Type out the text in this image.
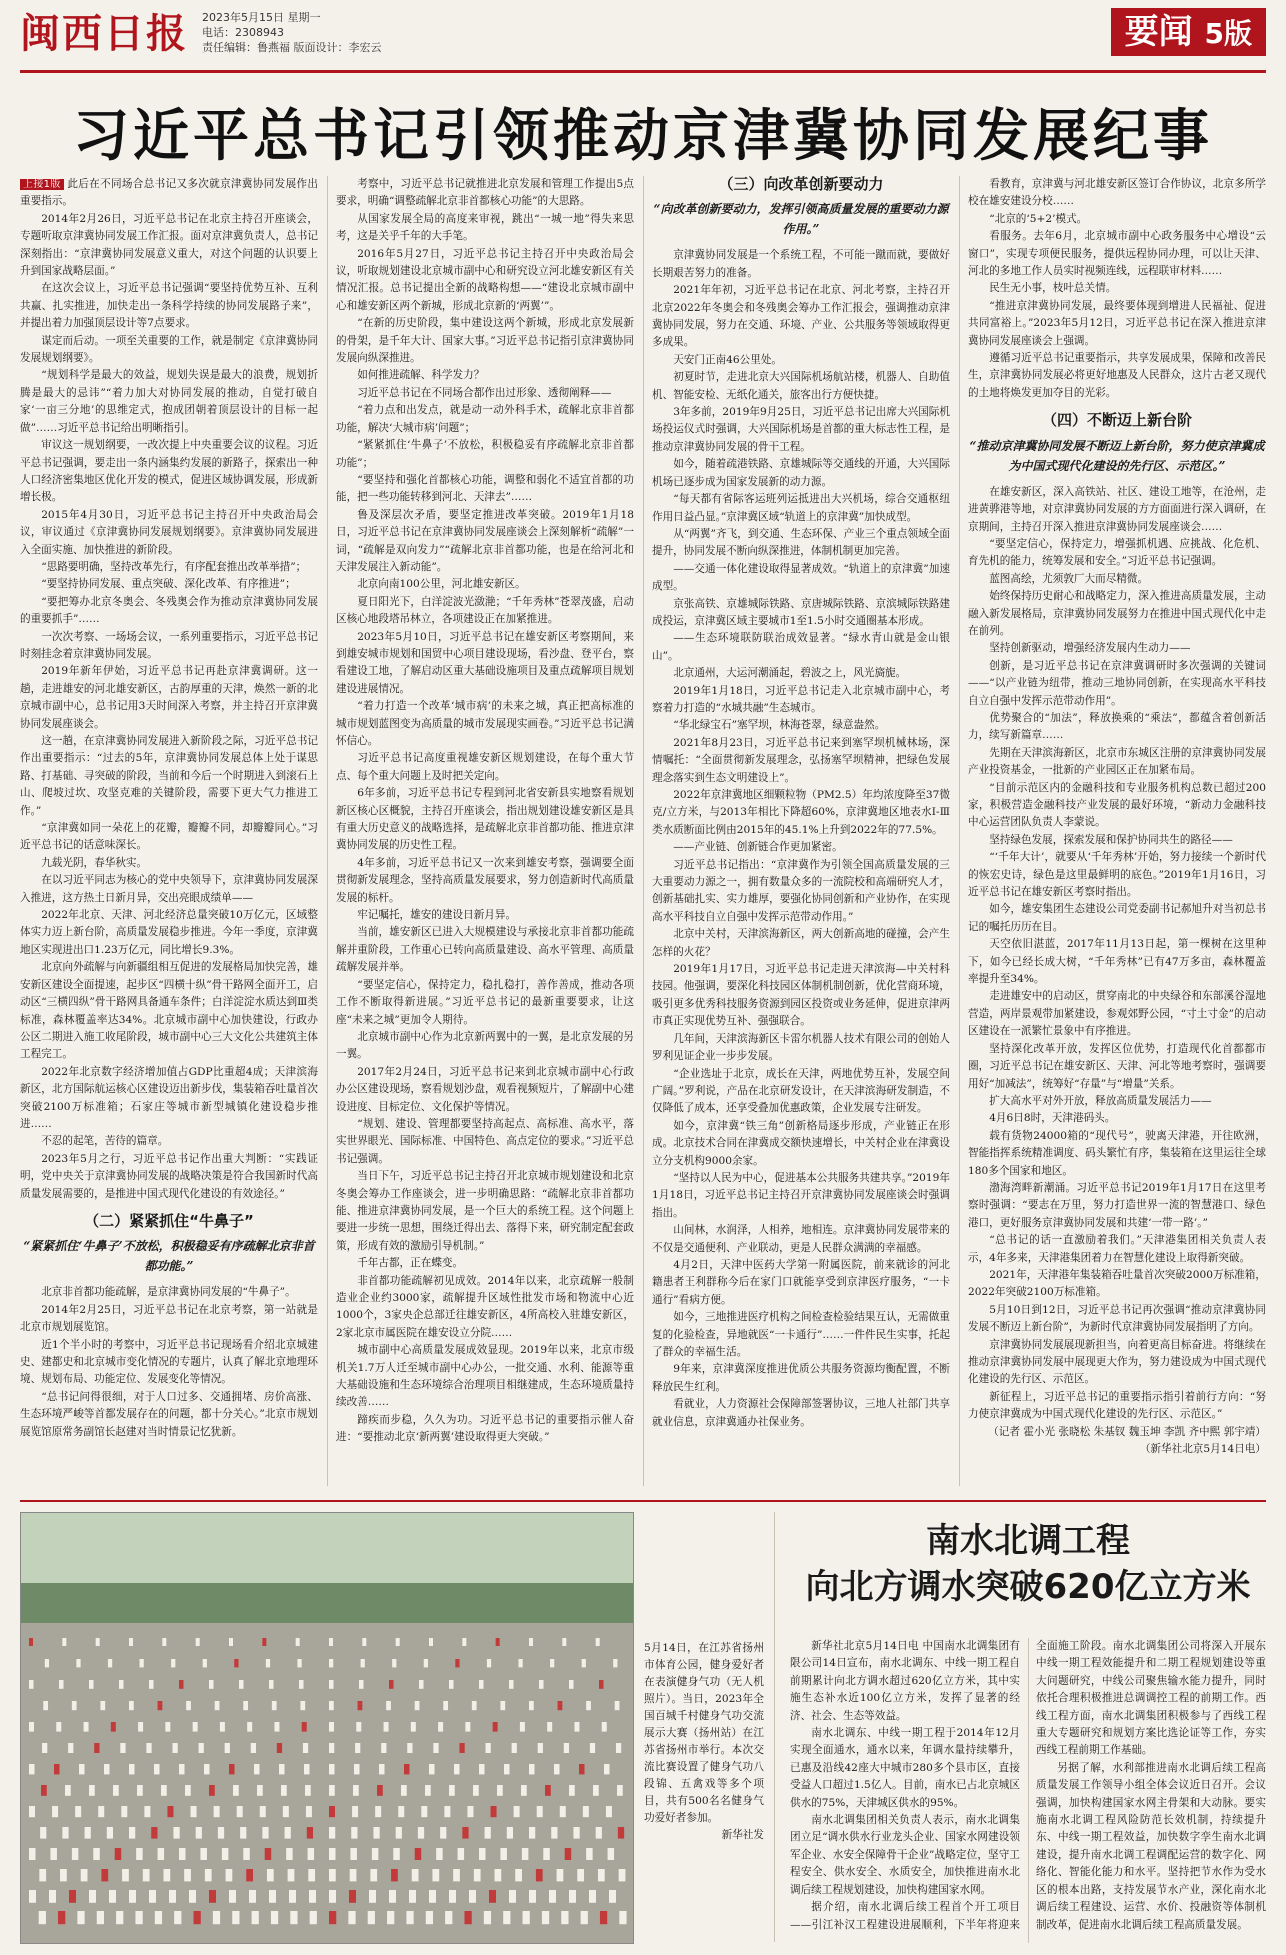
闽西日报 2023年5月15日 星期一
电话：2308943
责任编辑：鲁燕福 版面设计：李宏云	要闻 5版
习近平总书记引领推动京津冀协同发展纪事

上接1版 此后在不同场合总书记又多次就京津冀协同发展作出重要指示。

2014年2月26日，习近平总书记在北京主持召开座谈会，专题听取京津冀协同发展工作汇报。面对京津冀负责人，总书记深刻指出：“京津冀协同发展意义重大，对这个问题的认识要上升到国家战略层面。”

在这次会议上，习近平总书记强调“要坚持优势互补、互利共赢、扎实推进，加快走出一条科学持续的协同发展路子来”，并提出着力加强顶层设计等7点要求。

谋定而后动。一项至关重要的工作，就是制定《京津冀协同发展规划纲要》。

“规划科学是最大的效益，规划失误是最大的浪费，规划折腾是最大的忌讳”“着力加大对协同发展的推动，自觉打破自家‘一亩三分地’的思维定式，抱成团朝着顶层设计的目标一起做”……习近平总书记给出明晰指引。

审议这一规划纲要，一改次提上中央重要会议的议程。习近平总书记强调，要走出一条内涵集约发展的新路子，探索出一种人口经济密集地区优化开发的模式，促进区域协调发展，形成新增长极。

2015年4月30日，习近平总书记主持召开中央政治局会议，审议通过《京津冀协同发展规划纲要》。京津冀协同发展进入全面实施、加快推进的新阶段。

“思路要明确，坚持改革先行，有序配套推出改革举措”；

“要坚持协同发展、重点突破、深化改革、有序推进”；

“要把筹办北京冬奥会、冬残奥会作为推动京津冀协同发展的重要抓手”……

一次次考察、一场场会议，一系列重要指示，习近平总书记时刻挂念着京津冀协同发展。

2019年新年伊始，习近平总书记再赴京津冀调研。这一趟，走进雄安的河北雄安新区，古韵厚重的天津，焕然一新的北京城市副中心，总书记用3天时间深入考察，并主持召开京津冀协同发展座谈会。

这一趟，在京津冀协同发展进入新阶段之际，习近平总书记作出重要指示：“过去的5年，京津冀协同发展总体上处于谋思路、打基础、寻突破的阶段，当前和今后一个时期进入到滚石上山、爬坡过坎、攻坚克难的关键阶段，需要下更大气力推进工作。”

“京津冀如同一朵花上的花瓣，瓣瓣不同，却瓣瓣同心。”习近平总书记的话意味深长。

九载光阴，春华秋实。

在以习近平同志为核心的党中央领导下，京津冀协同发展深入推进，这方热土日新月异，交出亮眼成绩单——

2022年北京、天津、河北经济总量突破10万亿元，区域整体实力迈上新台阶，高质量发展稳步推进。今年一季度，京津冀地区实现进出口1.23万亿元，同比增长9.3%。

北京向外疏解与向新疆组相互促进的发展格局加快完善，雄安新区建设全面提速，起步区“四横十纵”骨干路网全面开工，启动区“三横四纵”骨干路网具备通车条件；白洋淀淀水质达到Ⅲ类标准，森林覆盖率达34%。北京城市副中心加快建设，行政办公区二期进入施工收尾阶段，城市副中心三大文化公共建筑主体工程完工。

2022年北京数字经济增加值占GDP比重超4成；天津滨海新区，北方国际航运核心区建设迈出新步伐，集装箱吞吐量首次突破2100万标准箱；石家庄等城市新型城镇化建设稳步推进……

不忍的起笔，苦待的篇章。

2023年5月之行，习近平总书记作出重大判断：“实践证明，党中央关于京津冀协同发展的战略决策是符合我国新时代高质量发展需要的，是推进中国式现代化建设的有效途径。”

（二）紧紧抓住“牛鼻子”

“紧紧抓住‘牛鼻子’不放松，积极稳妥有序疏解北京非首都功能。”

北京非首都功能疏解，是京津冀协同发展的“牛鼻子”。

2014年2月25日，习近平总书记在北京考察，第一站就是北京市规划展览馆。

近1个半小时的考察中，习近平总书记现场看介绍北京城建史、建都史和北京城市变化情况的专题片，认真了解北京地理环境、规划布局、功能定位、发展变化等情况。

“总书记问得很细，对于人口过多、交通拥堵、房价高涨、生态环境严峻等首都发展存在的问题，都十分关心。”北京市规划展览馆原常务副馆长赵建对当时情景记忆犹新。

考察中，习近平总书记就推进北京发展和管理工作提出5点要求，明确“调整疏解北京非首都核心功能”的大思路。

从国家发展全局的高度来审视，跳出“一城一地”得失来思考，这是关乎千年的大手笔。

2016年5月27日，习近平总书记主持召开中央政治局会议，听取规划建设北京城市副中心和研究设立河北雄安新区有关情况汇报。总书记提出全新的战略构想——“建设北京城市副中心和雄安新区两个新城，形成北京新的‘两翼’”。

“在新的历史阶段，集中建设这两个新城，形成北京发展新的骨架，是千年大计、国家大事。”习近平总书记指引京津冀协同发展向纵深推进。

如何推进疏解、科学发力？

习近平总书记在不同场合都作出过形象、透彻阐释——

“着力点和出发点，就是动一动外科手术，疏解北京非首都功能，解决‘大城市病’问题”；

“紧紧抓住‘牛鼻子’不放松，积极稳妥有序疏解北京非首都功能”；

“要坚持和强化首都核心功能，调整和弱化不适宜首都的功能，把一些功能转移到河北、天津去”……

鲁及深层次矛盾，要坚定推进改革突破。2019年1月18日，习近平总书记在京津冀协同发展座谈会上深刻解析“疏解”一词，“疏解是双向发力”“疏解北京非首都功能，也是在给河北和天津发展注入新动能”。

北京向南100公里，河北雄安新区。

夏日阳光下，白洋淀波光潋滟；“千年秀林”苍翠茂盛，启动区核心地段塔吊林立，各项建设正在加紧推进。

2023年5月10日，习近平总书记在雄安新区考察期间，来到雄安城市规划和国贸中心项目建设现场，看沙盘、登平台，察看建设工地，了解启动区重大基础设施项目及重点疏解项目规划建设进展情况。

“着力打造一个改革‘城市病’的未来之城，真正把高标准的城市规划蓝图变为高质量的城市发展现实画卷。”习近平总书记满怀信心。

习近平总书记高度重视雄安新区规划建设，在每个重大节点、每个重大问题上及时把关定向。

6年多前，习近平总书记专程到河北省安新县实地察看规划新区核心区概貌，主持召开座谈会，指出规划建设雄安新区是具有重大历史意义的战略选择，是疏解北京非首都功能、推进京津冀协同发展的历史性工程。

4年多前，习近平总书记又一次来到雄安考察，强调要全面贯彻新发展理念，坚持高质量发展要求，努力创造新时代高质量发展的标杆。

牢记嘱托，雄安的建设日新月异。

当前，雄安新区已进入大规模建设与承接北京非首都功能疏解并重阶段，工作重心已转向高质量建设、高水平管理、高质量疏解发展并举。

“要坚定信心，保持定力，稳扎稳打，善作善成，推动各项工作不断取得新进展。”习近平总书记的最新重要要求，让这座“未来之城”更加令人期待。

北京城市副中心作为北京新两翼中的一翼，是北京发展的另一翼。

2017年2月24日，习近平总书记来到北京城市副中心行政办公区建设现场，察看规划沙盘，观看视频短片，了解副中心建设进度、目标定位、文化保护等情况。

“规划、建设、管理都要坚持高起点、高标准、高水平，落实世界眼光、国际标准、中国特色、高点定位的要求。”习近平总书记强调。

当日下午，习近平总书记主持召开北京城市规划建设和北京冬奥会筹办工作座谈会，进一步明确思路：“疏解北京非首都功能、推进京津冀协同发展，是一个巨大的系统工程。这个问题上要进一步统一思想，围绕迁得出去、落得下来，研究制定配套政策，形成有效的激励引导机制。”

千年古都，正在蝶变。

非首都功能疏解初见成效。2014年以来，北京疏解一般制造业企业约3000家，疏解提升区域性批发市场和物流中心近1000个，3家央企总部迁往雄安新区，4所高校入驻雄安新区，2家北京市属医院在雄安设立分院……

城市副中心高质量发展成效显现。2019年以来，北京市级机关1.7万人迁至城市副中心办公，一批交通、水利、能源等重大基础设施和生态环境综合治理项目相继建成，生态环境质量持续改善……

蹄疾而步稳，久久为功。习近平总书记的重要指示催人奋进：“要推动北京‘新两翼’建设取得更大突破。”

（三）向改革创新要动力

“向改革创新要动力，发挥引领高质量发展的重要动力源作用。”

京津冀协同发展是一个系统工程，不可能一蹴而就，要做好长期艰苦努力的准备。

2021年年初，习近平总书记在北京、河北考察，主持召开北京2022年冬奥会和冬残奥会筹办工作汇报会，强调推动京津冀协同发展，努力在交通、环境、产业、公共服务等领域取得更多成果。

天安门正南46公里处。

初夏时节，走进北京大兴国际机场航站楼，机器人、自助值机、智能安检、无纸化通关，旅客出行方便快捷。

3年多前，2019年9月25日，习近平总书记出席大兴国际机场投运仪式时强调，大兴国际机场是首都的重大标志性工程，是推动京津冀协同发展的骨干工程。

如今，随着疏港铁路、京雄城际等交通线的开通，大兴国际机场已逐步成为国家发展新的动力源。

“每天都有省际客运班列运抵进出大兴机场，综合交通枢纽作用日益凸显。”京津冀区域“轨道上的京津冀”加快成型。

从“两翼”齐飞，到交通、生态环保、产业三个重点领域全面提升，协同发展不断向纵深推进，体制机制更加完善。

——交通一体化建设取得显著成效。“轨道上的京津冀”加速成型。

京张高铁、京雄城际铁路、京唐城际铁路、京滨城际铁路建成投运，京津冀区域主要城市1至1.5小时交通圈基本形成。

——生态环境联防联治成效显著。“绿水青山就是金山银山”。

北京通州，大运河潮涌起，碧波之上，风光旖旎。

2019年1月18日，习近平总书记走入北京城市副中心，考察着力打造的“水城共融”生态城市。

“华北绿宝石”塞罕坝，林海苍翠，绿意盎然。

2021年8月23日，习近平总书记来到塞罕坝机械林场，深情嘱托：“全面贯彻新发展理念，弘扬塞罕坝精神，把绿色发展理念落实到生态文明建设上”。

2022年京津冀地区细颗粒物（PM2.5）年均浓度降至37微克/立方米，与2013年相比下降超60%，京津冀地区地表水Ⅰ-Ⅲ类水质断面比例由2015年的45.1%上升到2022年的77.5%。

——产业链、创新链合作更加紧密。

习近平总书记指出：“京津冀作为引领全国高质量发展的三大重要动力源之一，拥有数量众多的一流院校和高端研究人才，创新基础扎实、实力雄厚，要强化协同创新和产业协作，在实现高水平科技自立自强中发挥示范带动作用。”

北京中关村，天津滨海新区，两大创新高地的碰撞，会产生怎样的火花？

2019年1月17日，习近平总书记走进天津滨海—中关村科技园。他强调，要深化科技园区体制机制创新，优化营商环境，吸引更多优秀科技服务资源到园区投资或业务延伸，促进京津两市真正实现优势互补、强强联合。

几年间，天津滨海新区卡雷尔机器人技术有限公司的创始人罗利见证企业一步步发展。

“企业选址于北京，成长在天津，两地优势互补，发展空间广阔。”罗利说，产品在北京研发设计，在天津滨海研发制造，不仅降低了成本，还享受叠加优惠政策，企业发展专注研发。

如今，京津冀“铁三角”创新格局逐步形成，产业链正在形成。北京技术合同在津冀成交额快速增长，中关村企业在津冀设立分支机构9000余家。

“坚持以人民为中心，促进基本公共服务共建共享。”2019年1月18日，习近平总书记主持召开京津冀协同发展座谈会时强调指出。

山间林，水润泽，人相养，地相连。京津冀协同发展带来的不仅是交通便利、产业联动，更是人民群众满满的幸福感。

4月2日，天津中医药大学第一附属医院，前来就诊的河北籍患者王利群称今后在家门口就能享受到京津医疗服务，“一卡通行”看病方便。

如今，三地推进医疗机构之间检查检验结果互认，无需做重复的化验检查，异地就医“一卡通行”……一件件民生实事，托起了群众的幸福生活。

9年来，京津冀深度推进优质公共服务资源均衡配置，不断释放民生红利。

看就业，人力资源社会保障部签署协议，三地人社部门共享就业信息，京津冀通办社保业务。

看教育，京津冀与河北雄安新区签订合作协议，北京多所学校在雄安建设分校……

“北京的‘5+2’模式。

看服务。去年6月，北京城市副中心政务服务中心增设“云窗口”，实现专项便民服务，提供远程协同办理，可以让天津、河北的多地工作人员实时视频连线，远程联审材料……

民生无小事，枝叶总关情。

“推进京津冀协同发展，最终要体现到增进人民福祉、促进共同富裕上。”2023年5月12日，习近平总书记在深入推进京津冀协同发展座谈会上强调。

遵循习近平总书记重要指示，共享发展成果，保障和改善民生，京津冀协同发展必将更好地惠及人民群众，这片古老又现代的土地将焕发更加夺目的光彩。

（四）不断迈上新台阶

“推动京津冀协同发展不断迈上新台阶，努力使京津冀成为中国式现代化建设的先行区、示范区。”

在雄安新区，深入高铁站、社区、建设工地等，在沧州，走进黄骅港等地，对京津冀协同发展的方方面面进行深入调研，在京期间，主持召开深入推进京津冀协同发展座谈会……

“要坚定信心，保持定力，增强抓机遇、应挑战、化危机、育先机的能力，统筹发展和安全。”习近平总书记强调。

蓝图高绘，尤须敦厂大而尽精微。

始终保持历史耐心和战略定力，深入推进高质量发展，主动融入新发展格局，京津冀协同发展努力在推进中国式现代化中走在前列。

坚持创新驱动，增强经济发展内生动力——

创新，是习近平总书记在京津冀调研时多次强调的关键词——“以产业链为纽带，推动三地协同创新，在实现高水平科技自立自强中发挥示范带动作用”。

优势聚合的“加法”，释放换乘的“乘法”，都蕴含着创新活力，续写新篇章……

先期在天津滨海新区，北京市东城区注册的京津冀协同发展产业投资基金，一批新的产业园区正在加紧布局。

“目前示范区内的金融科技和专业服务机构总数已超过200家，积极营造金融科技产业发展的最好环境，“新动力金融科技中心运营团队负责人李蒙说。

坚持绿色发展，探索发展和保护协同共生的路径——

“‘千年大计’，就要从‘千年秀林’开始，努力接续一个新时代的恢宏史诗，绿色是这里最鲜明的底色。”2019年1月16日，习近平总书记在雄安新区考察时指出。

如今，雄安集团生态建设公司党委副书记郝旭升对当初总书记的嘱托历历在目。

天空依旧湛蓝，2017年11月13日起，第一棵树在这里种下，如今已经长成大树，“千年秀林”已有47万多亩，森林覆盖率提升至34%。

走进雄安中的启动区，贯穿南北的中央绿谷和东部溪谷湿地营造，两岸景观带加紧建设，参观郊野公园，“寸土寸金”的启动区建设在一派繁忙景象中有序推进。

坚持深化改革开放，发挥区位优势，打造现代化首都都市圈，习近平总书记在雄安新区、天津、河北等地考察时，强调要用好“加减法”，统筹好“存量”与“增量”关系。

扩大高水平对外开放，释放高质量发展活力——

4月6日8时，天津港码头。

载有货物24000箱的“现代号”，驶离天津港，开往欧洲，智能指挥系统精准调度、码头繁忙有序，集装箱在这里运往全球180多个国家和地区。

渤海湾畔新潮涌。习近平总书记2019年1月17日在这里考察时强调：“要志在万里，努力打造世界一流的智慧港口、绿色港口，更好服务京津冀协同发展和共建‘一带一路’。”

“总书记的话一直激励着我们。”天津港集团相关负责人表示，4年多来，天津港集团着力在智慧化建设上取得新突破。

2021年，天津港年集装箱吞吐量首次突破2000万标准箱，2022年突破2100万标准箱。

5月10日到12日，习近平总书记再次强调“推动京津冀协同发展不断迈上新台阶”，为新时代京津冀协同发展指明了方向。

京津冀协同发展展现新担当，向着更高目标奋进。将继续在推动京津冀协同发展中展现更大作为，努力建设成为中国式现代化建设的先行区、示范区。

新征程上，习近平总书记的重要指示指引着前行方向：“努力使京津冀成为中国式现代化建设的先行区、示范区。”

（记者 霍小光 张晓松 朱基钗 魏玉坤 李凯 齐中熙 郭宇靖）

（新华社北京5月14日电）

5月14日，在江苏省扬州市体育公园，健身爱好者在表演健身气功（无人机照片）。当日，2023年全国百城千村健身气功交流展示大赛（扬州站）在江苏省扬州市举行。本次交流比赛设置了健身气功八段锦、五禽戏等多个项目，共有500名名健身气功爱好者参加。
新华社发
南水北调工程
向北方调水突破620亿立方米

新华社北京5月14日电 中国南水北调集团有限公司14日宣布，南水北调东、中线一期工程自前期累计向北方调水超过620亿立方米，其中实施生态补水近100亿立方米，发挥了显著的经济、社会、生态等效益。

南水北调东、中线一期工程于2014年12月实现全面通水，通水以来，年调水量持续攀升，已惠及沿线42座大中城市280多个县市区，直接受益人口超过1.5亿人。目前，南水已占北京城区供水的75%，天津城区供水的95%。

南水北调集团相关负责人表示，南水北调集团立足“调水供水行业龙头企业、国家水网建设领军企业、水安全保障骨干企业”战略定位，坚守工程安全、供水安全、水质安全，加快推进南水北调后续工程规划建设，加快构建国家水网。

据介绍，南水北调后续工程首个开工项目——引江补汉工程建设进展顺利，下半年将迎来全面施工阶段。南水北调集团公司将深入开展东中线一期工程效能提升和二期工程规划建设等重大问题研究，中线公司聚焦输水能力提升，同时依托合理积极推进总调调控工程的前期工作。西线工程方面，南水北调集团积极参与了西线工程重大专题研究和规划方案比选论证等工作，夯实西线工程前期工作基础。

另据了解，水利部推进南水北调后续工程高质量发展工作领导小组全体会议近日召开。会议强调，加快构建国家水网主骨架和大动脉。要实施南水北调工程风险防范长效机制，持续提升东、中线一期工程效益，加快数字孪生南水北调建设，提升南水北调工程调配运营的数字化、网络化、智能化能力和水平。坚持把节水作为受水区的根本出路，支持发展节水产业，深化南水北调后续工程建设、运营、水价、投融资等体制机制改革，促进南水北调后续工程高质量发展。
